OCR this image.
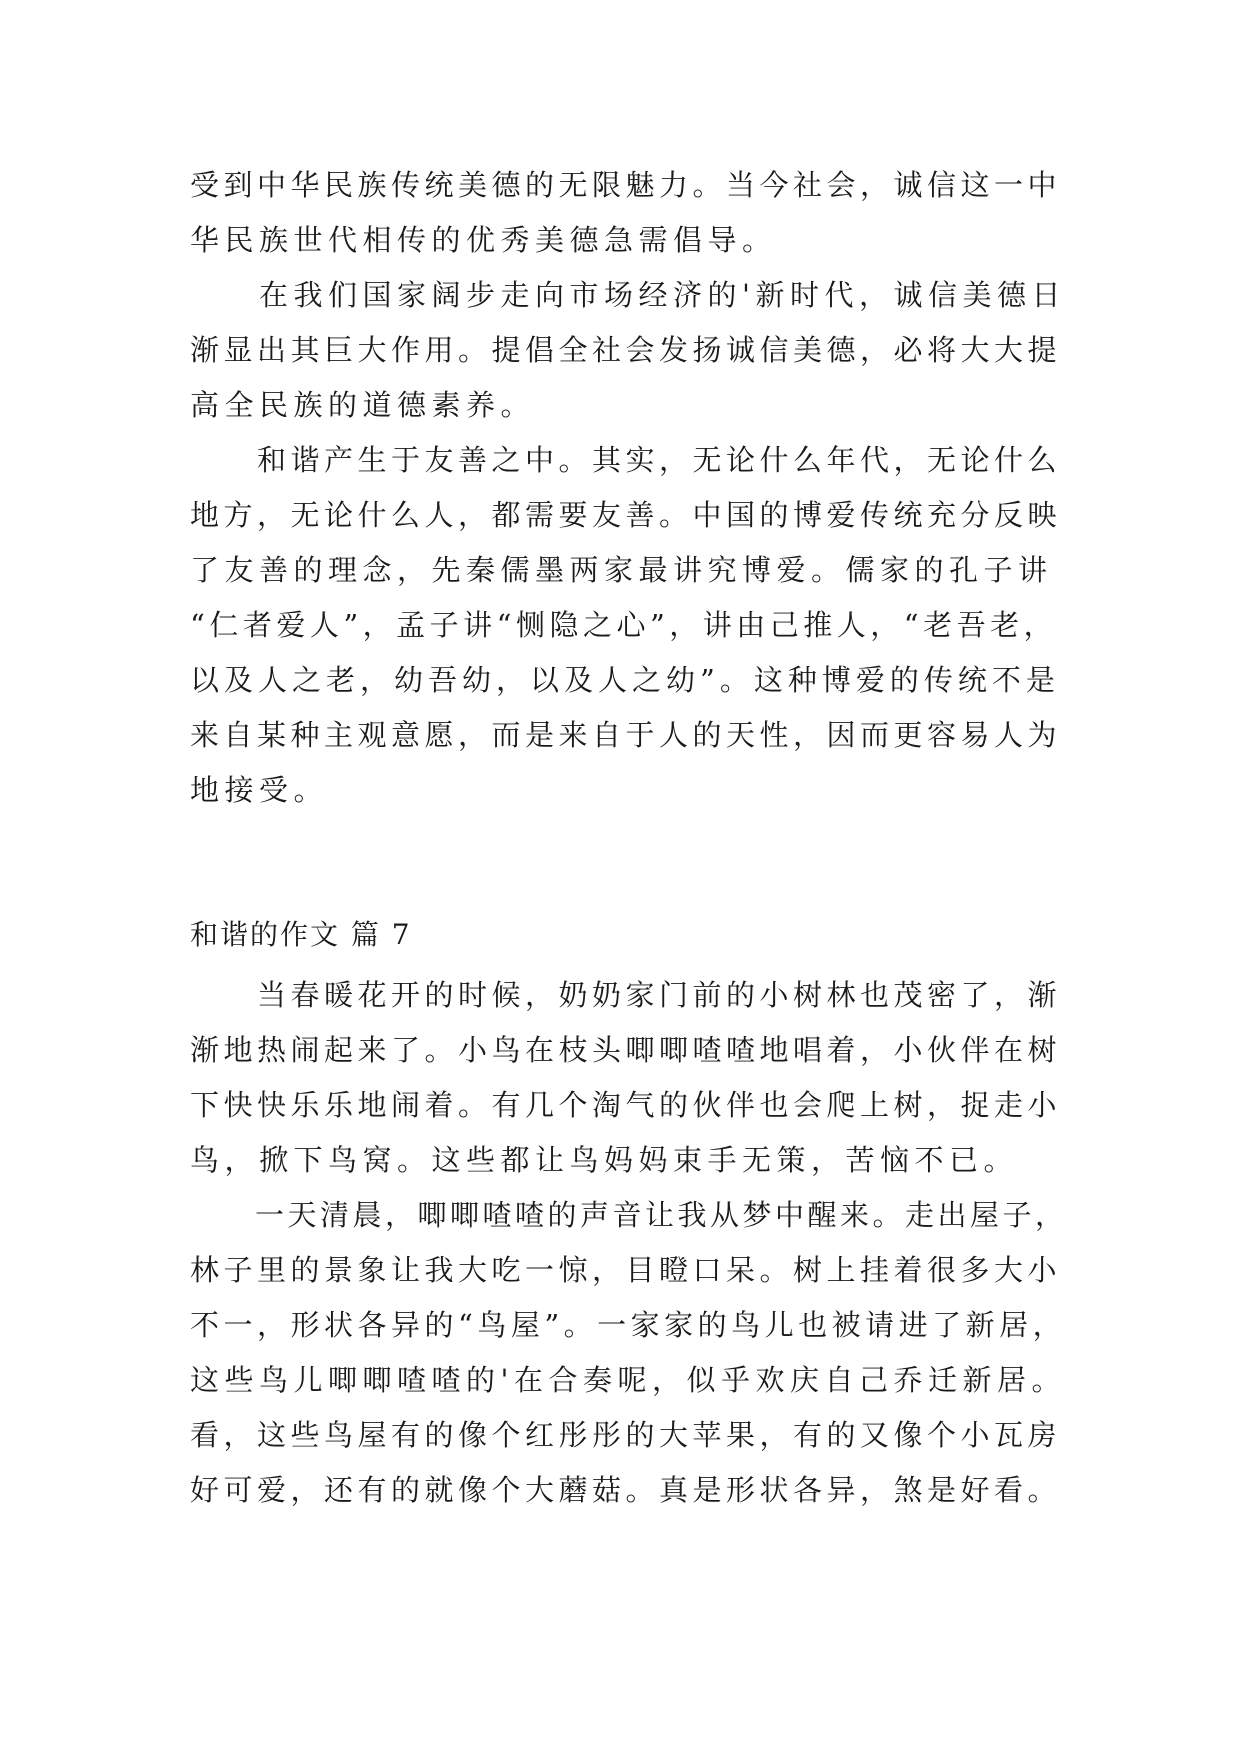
受到中华民族传统美德的无限魅力。当今社会，诚信这一中
华民族世代相传的优秀美德急需倡导。
　　在我们国家阔步走向市场经济的'新时代，诚信美德日
渐显出其巨大作用。提倡全社会发扬诚信美德，必将大大提
高全民族的道德素养。
　　和谐产生于友善之中。其实，无论什么年代，无论什么
地方，无论什么人，都需要友善。中国的博爱传统充分反映
了友善的理念，先秦儒墨两家最讲究博爱。儒家的孔子讲
“仁者爱人”，孟子讲“恻隐之心”，讲由己推人，“老吾老，
以及人之老，幼吾幼，以及人之幼”。这种博爱的传统不是
来自某种主观意愿，而是来自于人的天性，因而更容易人为
地接受。
和谐的作文 篇 7
　　当春暖花开的时候，奶奶家门前的小树林也茂密了，渐
渐地热闹起来了。小鸟在枝头唧唧喳喳地唱着，小伙伴在树
下快快乐乐地闹着。有几个淘气的伙伴也会爬上树，捉走小
鸟，掀下鸟窝。这些都让鸟妈妈束手无策，苦恼不已。
　　一天清晨，唧唧喳喳的声音让我从梦中醒来。走出屋子，
林子里的景象让我大吃一惊，目瞪口呆。树上挂着很多大小
不一，形状各异的“鸟屋”。一家家的鸟儿也被请进了新居，
这些鸟儿唧唧喳喳的'在合奏呢，似乎欢庆自己乔迁新居。
看，这些鸟屋有的像个红彤彤的大苹果，有的又像个小瓦房
好可爱，还有的就像个大蘑菇。真是形状各异，煞是好看。
